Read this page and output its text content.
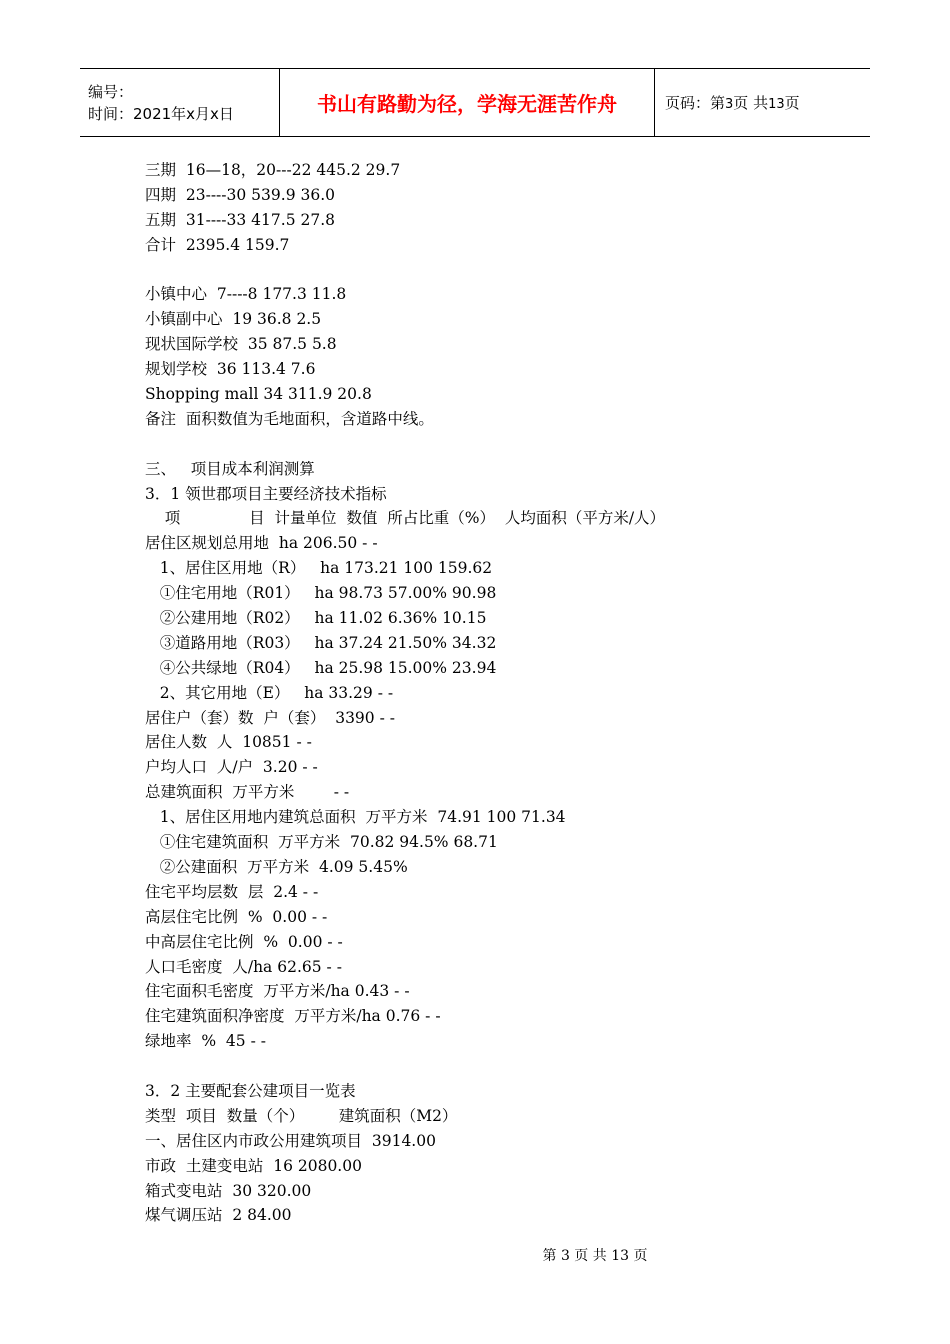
编号：
时间：2021年x月x日	书山有路勤为径，学海无涯苦作舟	页码：第3页 共13页
三期  16—18，20---22 445.2 29.7
四期  23----30 539.9 36.0
五期  31----33 417.5 27.8
合计  2395.4 159.7
小镇中心  7----8 177.3 11.8
小镇副中心  19 36.8 2.5
现状国际学校  35 87.5 5.8
规划学校  36 113.4 7.6
Shopping mall 34 311.9 20.8
备注  面积数值为毛地面积，含道路中线。
三、   项目成本利润测算
3．1 领世郡项目主要经济技术指标
项              目  计量单位  数值  所占比重（%）  人均面积（平方米/人）
居住区规划总用地  ha 206.50 - -
1、居住区用地（R）   ha 173.21 100 159.62
①住宅用地（R01）   ha 98.73 57.00% 90.98
②公建用地（R02）   ha 11.02 6.36% 10.15
③道路用地（R03）   ha 37.24 21.50% 34.32
④公共绿地（R04）   ha 25.98 15.00% 23.94
2、其它用地（E）   ha 33.29 - -
居住户（套）数  户（套）  3390 - -
居住人数  人  10851 - -
户均人口  人/户  3.20 - -
总建筑面积  万平方米        - -
1、居住区用地内建筑总面积  万平方米  74.91 100 71.34
①住宅建筑面积  万平方米  70.82 94.5% 68.71
②公建面积  万平方米  4.09 5.45%
住宅平均层数  层  2.4 - -
高层住宅比例  %  0.00 - -
中高层住宅比例  %  0.00 - -
人口毛密度  人/ha 62.65 - -
住宅面积毛密度  万平方米/ha 0.43 - -
住宅建筑面积净密度  万平方米/ha 0.76 - -
绿地率  %  45 - -
3．2 主要配套公建项目一览表
类型  项目  数量（个）       建筑面积（M2）
一、居住区内市政公用建筑项目  3914.00
市政  土建变电站  16 2080.00
箱式变电站  30 320.00
煤气调压站  2 84.00
第 3 页 共 13 页
